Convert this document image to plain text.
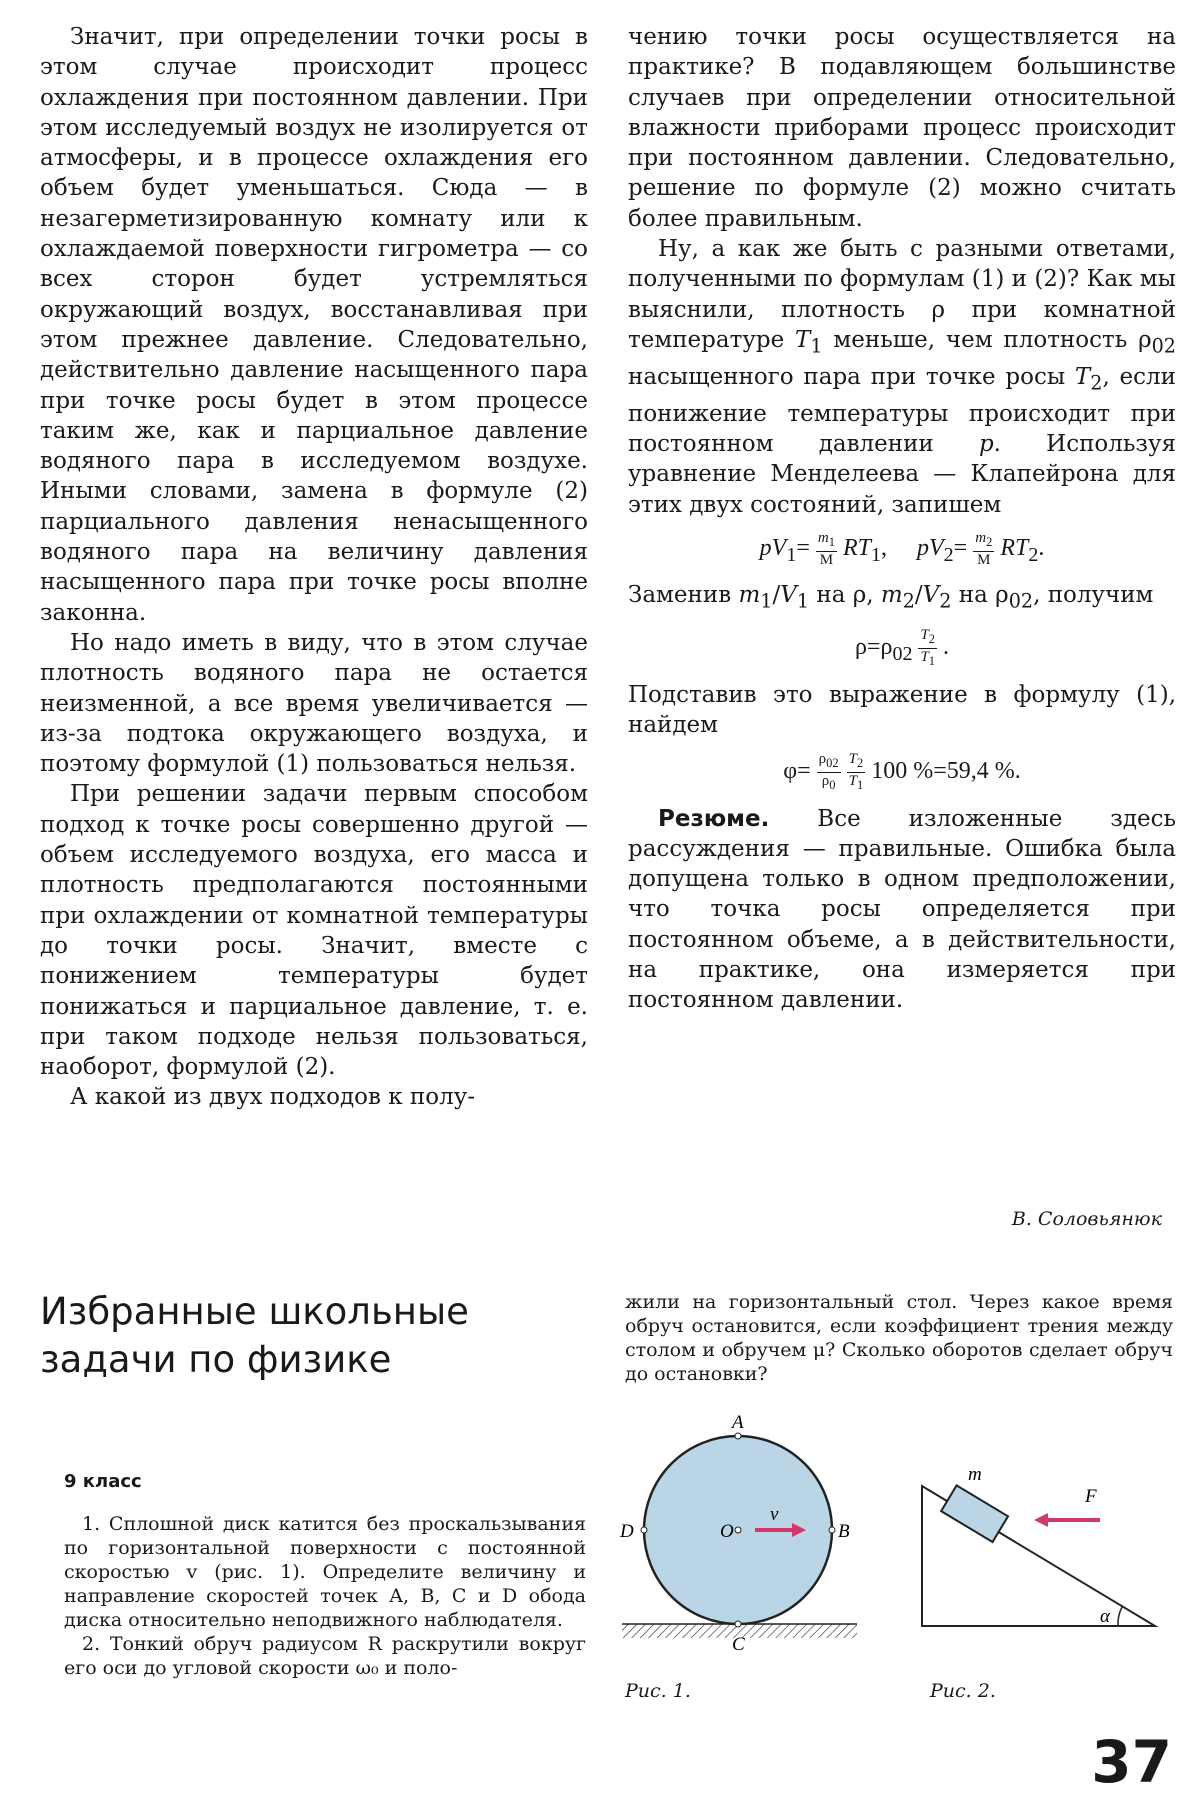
Значит, при определении точки росы в этом случае происходит процесс охлаждения при постоянном давлении. При этом исследуемый воздух не изолируется от атмосферы, и в процессе охлаждения его объем будет уменьшаться. Сюда — в незагерметизированную комнату или к охлаждаемой поверхности гигрометра — со всех сторон будет устремляться окружающий воздух, восстанавливая при этом прежнее давление. Следовательно, действительно давление насыщенного пара при точке росы будет в этом процессе таким же, как и парциальное давление водяного пара в исследуемом воздухе. Иными словами, замена в формуле (2) парциального давления ненасыщенного водяного пара на величину давления насыщенного пара при точке росы вполне законна.

Но надо иметь в виду, что в этом случае плотность водяного пара не остается неизменной, а все время увеличивается — из-за подтока окружающего воздуха, и поэтому формулой (1) пользоваться нельзя.

При решении задачи первым способом подход к точке росы совершенно другой — объем исследуемого воздуха, его масса и плотность предполагаются постоянными при охлаждении от комнатной температуры до точки росы. Значит, вместе с понижением температуры будет понижаться и парциальное давление, т. е. при таком подходе нельзя пользоваться, наоборот, формулой (2).

А какой из двух подходов к полу-

чению точки росы осуществляется на практике? В подавляющем большинстве случаев при определении относительной влажности приборами процесс происходит при постоянном давлении. Следовательно, решение по формуле (2) можно считать более правильным.

Ну, а как же быть с разными ответами, полученными по формулам (1) и (2)? Как мы выяснили, плотность ρ при комнатной температуре $T_1$ меньше, чем плотность $\rho_{02}$ насыщенного пара при точке росы $T_2$, если понижение температуры происходит при постоянном давлении p. Используя уравнение Менделеева — Клапейрона для этих двух состояний, запишем

$pV_1= \frac{m_1}{M} RT_1$,     $pV_2= \frac{m_2}{M} RT_2$.

Заменив $m_1/V_1$ на ρ, $m_2/V_2$ на $\rho_{02}$, получим

$\rho=\rho_{02} \frac{T_2}{T_1}$ .

Подставив это выражение в формулу (1), найдем

$\varphi= \frac{\rho_{02}}{\rho_0}$
$\frac{T_2}{T_1} 100$ %=59,4 %.

Резюме. Все изложенные здесь рассуждения — правильные. Ошибка была допущена только в одном предположении, что точка росы определяется при постоянном объеме, а в действительности, на практике, она измеряется при постоянном давлении.

В. Соловьянюк
Избранные школьные
задачи по физике
9 класс

1. Сплошной диск катится без проскальзывания по горизонтальной поверхности с постоянной скоростью v (рис. 1). Определите величину и направление скоростей точек A, B, C и D обода диска относительно неподвижного наблюдателя.

2. Тонкий обруч радиусом R раскрутили вокруг его оси до угловой скорости ω₀ и поло-

жили на горизонтальный стол. Через какое время обруч остановится, если коэффициент трения между столом и обручем μ? Сколько оборотов сделает обруч до остановки?

A
B
C
D	O
v
Рис. 1.
m
F
α
Рис. 2.
37
